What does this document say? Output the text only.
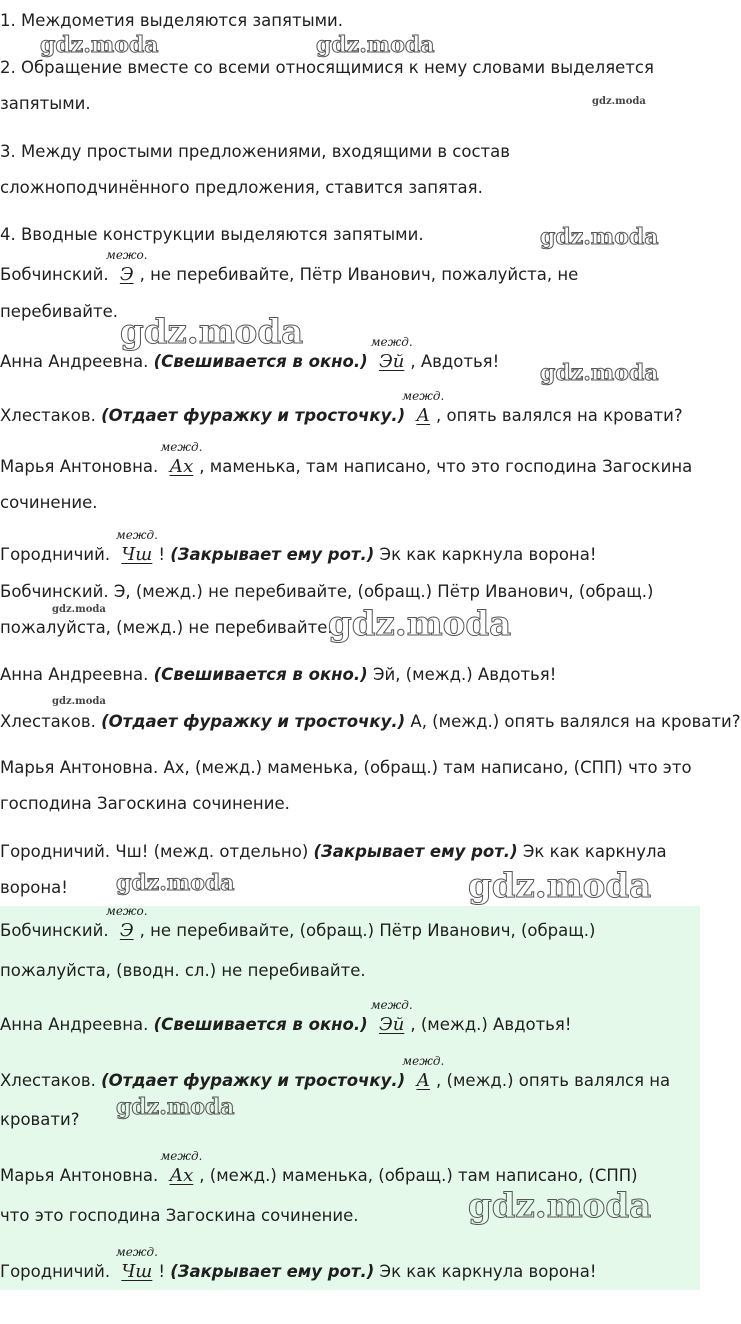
1. Междометия выделяются запятыми.
2. Обращение вместе со всеми относящимися к нему словами выделяется
запятыми.
3. Между простыми предложениями, входящими в состав
сложноподчинённого предложения, ставится запятая.
4. Вводные конструкции выделяются запятыми.
Бобчинский.
межо.
Э , не перебивайте, Пётр Иванович, пожалуйста, не
перебивайте.
Анна Андреевна. (Свешивается в окно.)
межд.
Эй , Авдотья!
Хлестаков. (Отдает фуражку и тросточку.)
межд.
А , опять валялся на кровати?
Марья Антоновна.
межд.
Ах , маменька, там написано, что это господина Загоскина
сочинение.
Городничий.
межд.
Чш ! (Закрывает ему рот.) Эк как каркнула ворона!
Бобчинский. Э, (межд.) не перебивайте, (обращ.) Пётр Иванович, (обращ.)
пожалуйста, (межд.) не перебивайте.
Анна Андреевна. (Свешивается в окно.) Эй, (межд.) Авдотья!
Хлестаков. (Отдает фуражку и тросточку.) А, (межд.) опять валялся на кровати?
Марья Антоновна. Ах, (межд.) маменька, (обращ.) там написано, (СПП) что это
господина Загоскина сочинение.
Городничий. Чш! (межд. отдельно) (Закрывает ему рот.) Эк как каркнула
ворона!
Бобчинский.
межо.
Э , не перебивайте, (обращ.) Пётр Иванович, (обращ.)
пожалуйста, (вводн. сл.) не перебивайте.
Анна Андреевна. (Свешивается в окно.)
межд.
Эй , (межд.) Авдотья!
Хлестаков. (Отдает фуражку и тросточку.)
межд.
А , (межд.) опять валялся на
кровати?
Марья Антоновна.
межд.
Ах , (межд.) маменька, (обращ.) там написано, (СПП)
что это господина Загоскина сочинение.
Городничий.
межд.
Чш ! (Закрывает ему рот.) Эк как каркнула ворона!
gdz.moda	gdz.moda
gdz.moda
gdz.moda
gdz.moda
gdz.moda
gdz.moda	gdz.moda
gdz.moda
gdz.moda	gdz.moda
gdz.moda
gdz.moda
